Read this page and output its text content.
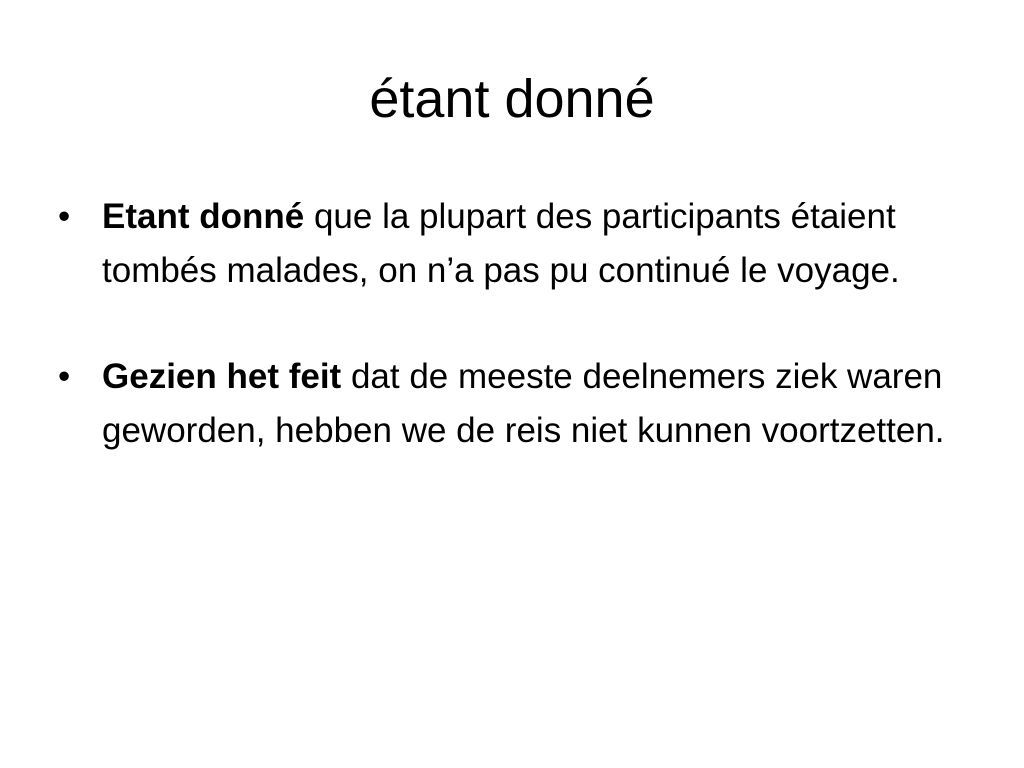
étant donné
• Etant donné que la plupart des participants étaient tombés malades, on n’a pas pu continué le voyage.
• Gezien het feit dat de meeste deelnemers ziek waren geworden, hebben we de reis niet kunnen voortzetten.
